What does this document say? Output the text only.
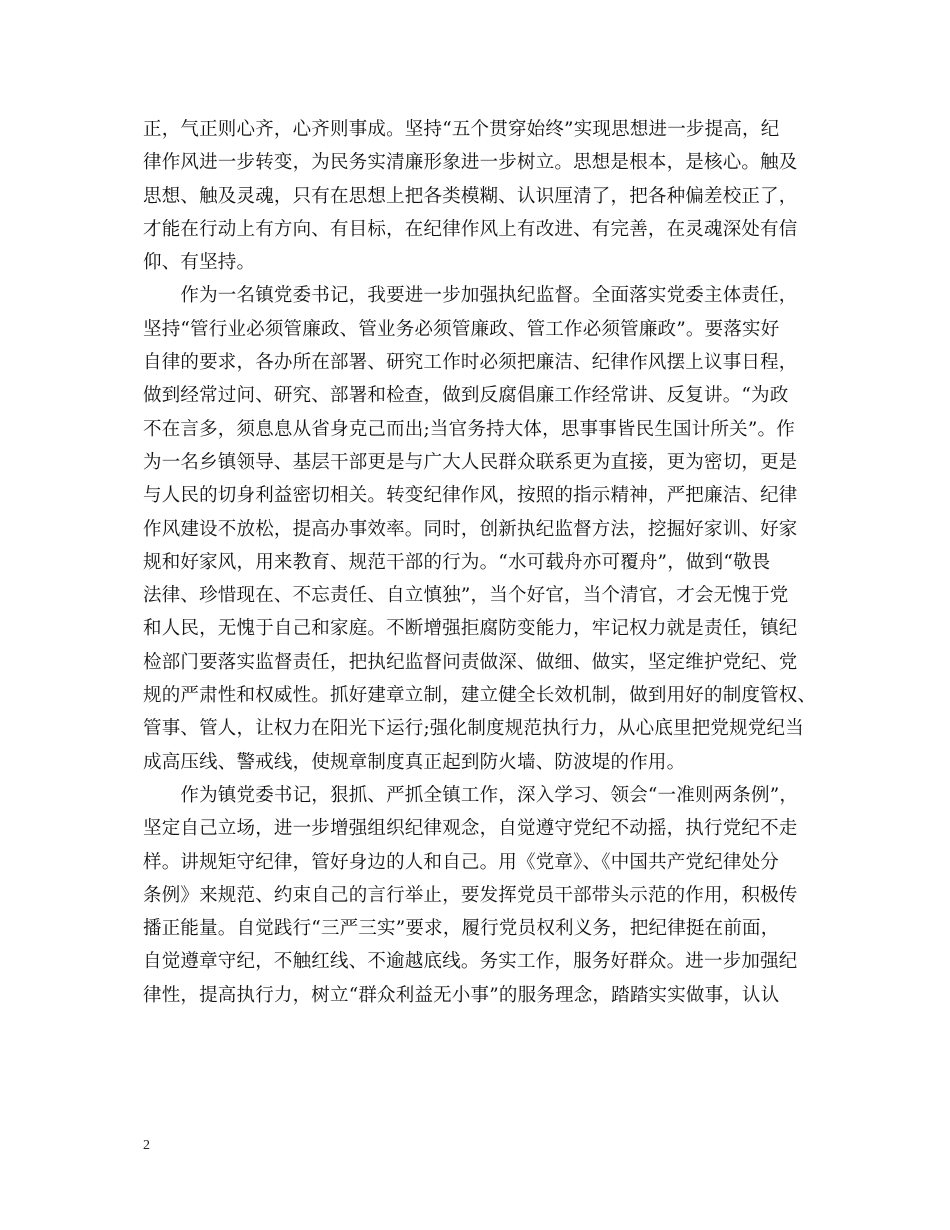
正，气正则心齐，心齐则事成。坚持“五个贯穿始终”实现思想进一步提高，纪
律作风进一步转变，为民务实清廉形象进一步树立。思想是根本，是核心。触及
思想、触及灵魂，只有在思想上把各类模糊、认识厘清了，把各种偏差校正了，
才能在行动上有方向、有目标，在纪律作风上有改进、有完善，在灵魂深处有信
仰、有坚持。
　　作为一名镇党委书记，我要进一步加强执纪监督。全面落实党委主体责任，
坚持“管行业必须管廉政、管业务必须管廉政、管工作必须管廉政”。要落实好
自律的要求，各办所在部署、研究工作时必须把廉洁、纪律作风摆上议事日程，
做到经常过问、研究、部署和检查，做到反腐倡廉工作经常讲、反复讲。“为政
不在言多，须息息从省身克己而出;当官务持大体，思事事皆民生国计所关”。作
为一名乡镇领导、基层干部更是与广大人民群众联系更为直接，更为密切，更是
与人民的切身利益密切相关。转变纪律作风，按照的指示精神，严把廉洁、纪律
作风建设不放松，提高办事效率。同时，创新执纪监督方法，挖掘好家训、好家
规和好家风，用来教育、规范干部的行为。“水可载舟亦可覆舟”，做到“敬畏
法律、珍惜现在、不忘责任、自立慎独”，当个好官，当个清官，才会无愧于党
和人民，无愧于自己和家庭。不断增强拒腐防变能力，牢记权力就是责任，镇纪
检部门要落实监督责任，把执纪监督问责做深、做细、做实，坚定维护党纪、党
规的严肃性和权威性。抓好建章立制，建立健全长效机制，做到用好的制度管权、
管事、管人，让权力在阳光下运行;强化制度规范执行力，从心底里把党规党纪当
成高压线、警戒线，使规章制度真正起到防火墙、防波堤的作用。
　　作为镇党委书记，狠抓、严抓全镇工作，深入学习、领会“一准则两条例”，
坚定自己立场，进一步增强组织纪律观念，自觉遵守党纪不动摇，执行党纪不走
样。讲规矩守纪律，管好身边的人和自己。用《党章》、《中国共产党纪律处分
条例》来规范、约束自己的言行举止，要发挥党员干部带头示范的作用，积极传
播正能量。自觉践行“三严三实”要求，履行党员权利义务，把纪律挺在前面，
自觉遵章守纪，不触红线、不逾越底线。务实工作，服务好群众。进一步加强纪
律性，提高执行力，树立“群众利益无小事”的服务理念，踏踏实实做事，认认
2
